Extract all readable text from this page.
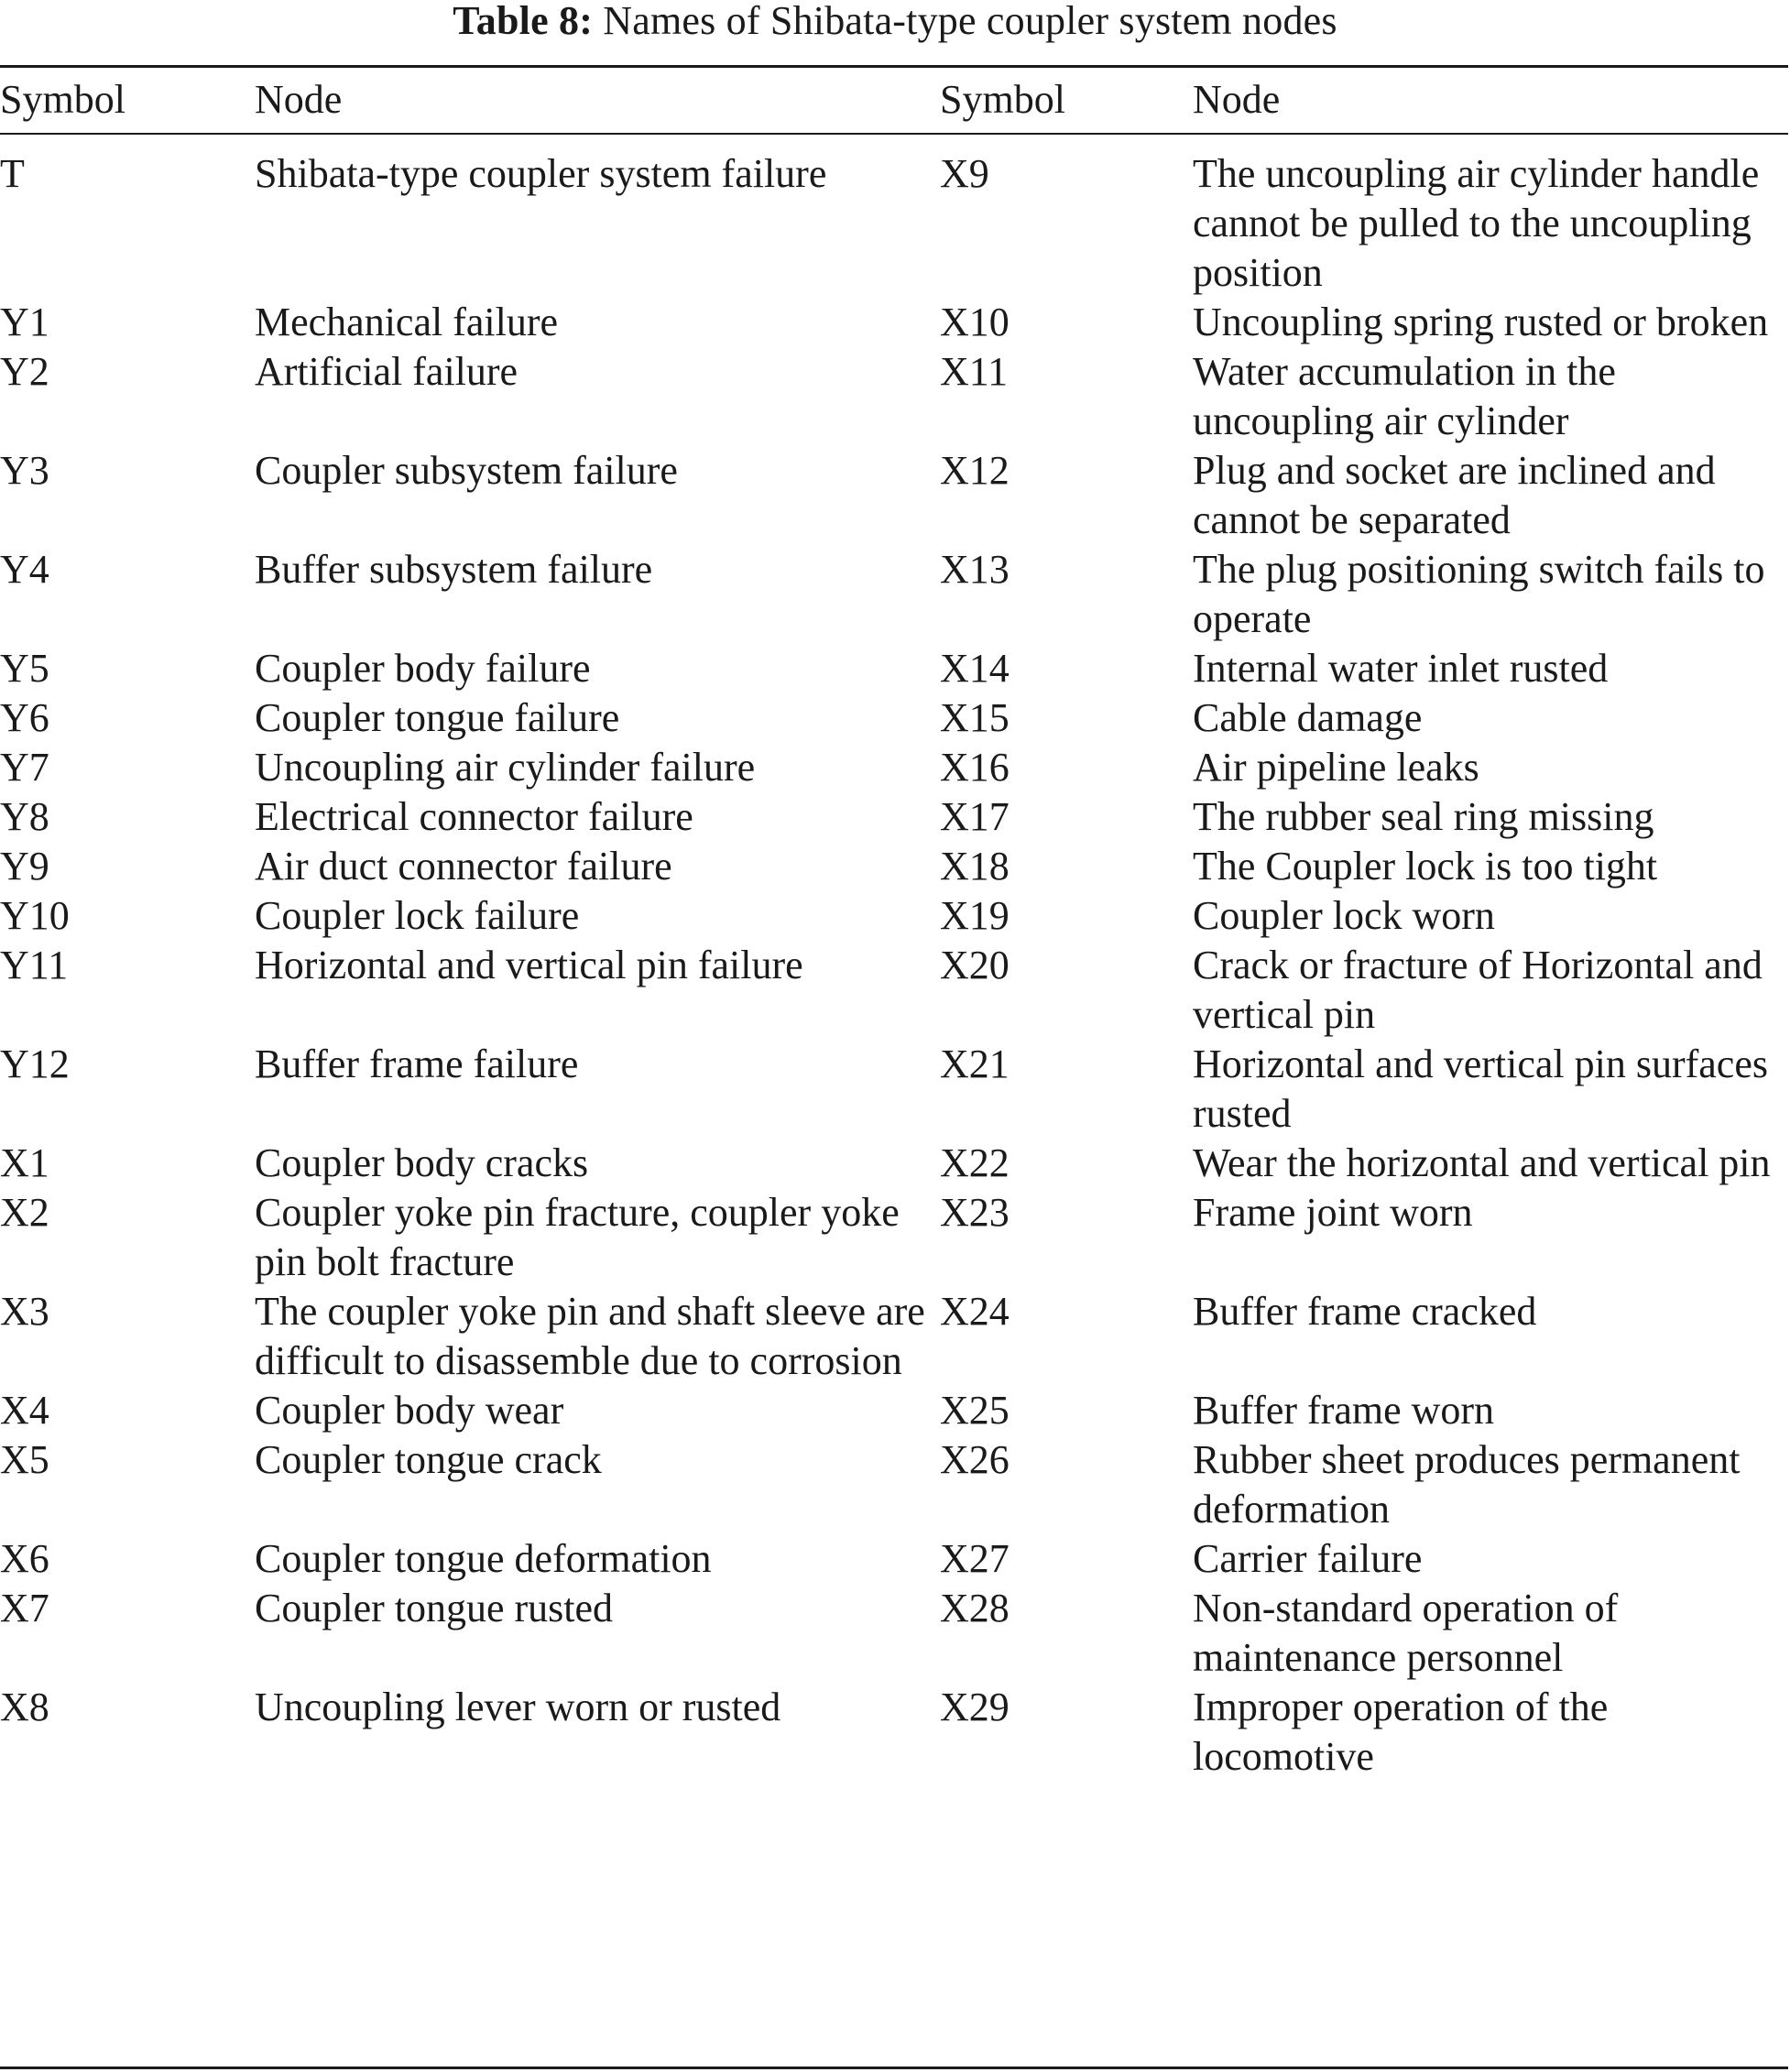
Table 8: Names of Shibata-type coupler system nodes
Symbol	Node	Symbol	Node
T	Shibata-type coupler system failure	X9	The uncoupling air cylinder handle cannot be pulled to the uncoupling position
Y1	Mechanical failure	X10	Uncoupling spring rusted or broken
Y2	Artificial failure	X11	Water accumulation in the uncoupling air cylinder
Y3	Coupler subsystem failure	X12	Plug and socket are inclined and cannot be separated
Y4	Buffer subsystem failure	X13	The plug positioning switch fails to operate
Y5	Coupler body failure	X14	Internal water inlet rusted
Y6	Coupler tongue failure	X15	Cable damage
Y7	Uncoupling air cylinder failure	X16	Air pipeline leaks
Y8	Electrical connector failure	X17	The rubber seal ring missing
Y9	Air duct connector failure	X18	The Coupler lock is too tight
Y10	Coupler lock failure	X19	Coupler lock worn
Y11	Horizontal and vertical pin failure	X20	Crack or fracture of Horizontal and vertical pin
Y12	Buffer frame failure	X21	Horizontal and vertical pin surfaces rusted
X1	Coupler body cracks	X22	Wear the horizontal and vertical pin
X2	Coupler yoke pin fracture, coupler yoke pin bolt fracture	X23	Frame joint worn
X3	The coupler yoke pin and shaft sleeve are difficult to disassemble due to corrosion	X24	Buffer frame cracked
X4	Coupler body wear	X25	Buffer frame worn
X5	Coupler tongue crack	X26	Rubber sheet produces permanent deformation
X6	Coupler tongue deformation	X27	Carrier failure
X7	Coupler tongue rusted	X28	Non-standard operation of maintenance personnel
X8	Uncoupling lever worn or rusted	X29	Improper operation of the locomotive
